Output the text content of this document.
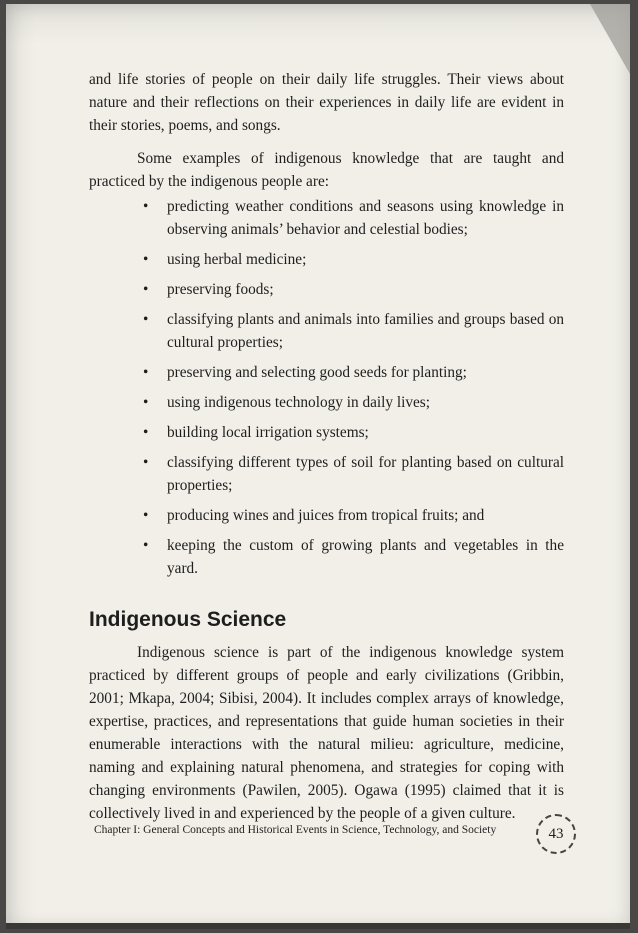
and life stories of people on their daily life struggles. Their views about nature and their reflections on their experiences in daily life are evident in their stories, poems, and songs.

Some examples of indigenous knowledge that are taught and practiced by the indigenous people are:

• predicting weather conditions and seasons using knowledge in observing animals’ behavior and celestial bodies;
• using herbal medicine;
• preserving foods;
• classifying plants and animals into families and groups based on cultural properties;
• preserving and selecting good seeds for planting;
• using indigenous technology in daily lives;
• building local irrigation systems;
• classifying different types of soil for planting based on cultural properties;
• producing wines and juices from tropical fruits; and
• keeping the custom of growing plants and vegetables in the yard.
Indigenous Science

Indigenous science is part of the indigenous knowledge system practiced by different groups of people and early civilizations (Gribbin, 2001; Mkapa, 2004; Sibisi, 2004). It includes complex arrays of knowledge, expertise, practices, and representations that guide human societies in their enumerable interactions with the natural milieu: agriculture, medicine, naming and explaining natural phenomena, and strategies for coping with changing environments (Pawilen, 2005). Ogawa (1995) claimed that it is collectively lived in and experienced by the people of a given culture.

Chapter I: General Concepts and Historical Events in Science, Technology, and Society	43
